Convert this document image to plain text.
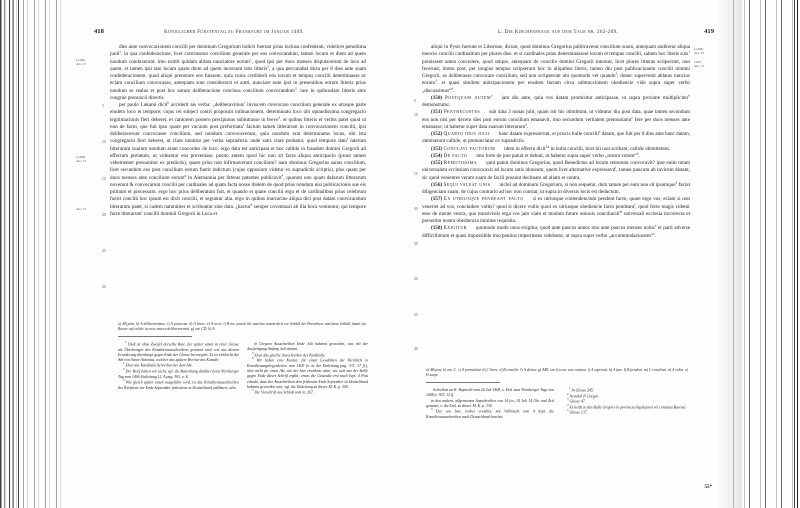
418	Königlicher Fürstentag zu Frankfurt im Januar 1409.
(1409)
Jan. 15
(1409)
Jan. 15
Jan. 15
5
10
15
20
25
30

dies ante convocacionem concilii per dominum Gregorium indicti fuerunt prius inclusa confederati, videlicet penultima junii$^a$. in qua confederacione, licet conclusetur concilium generale per eos convocandum, tamen locum et diem ad quem nondum conduxerunt. imo extitit quidam ablata nunciatore eorum$^1$, quod ipsi per duos menses disputaverunt de loco ad quem. et tamen ipsi tam locum quam diem ad quem incersunt istis litteris$^2$, a qua percunabat dicta per 8 dies ante suam confederacionem. quod aliqui prenotare eos fuissent. quia cuius crediderit eos locum et tempus concilii determinasse ac eciam concilium convocasse, antequam sunt consideravit et autti, nunciare eum ipsi in presentibus eorum litteris prius nondum se realus et post hoc autum deliberacione conclusa concilium convocandum$^3$. iure in quibusdam litteris ante congrue prenuncii directis

per paulo Lukanii dicit$^b$ acciderit ais verba: „deliberavimus$^c$ inviscem convocare concilium generale ex utraque parte eiudem loco et tempore; cujus rei subjeci contri proposuit intimacionem, determinato loco ubi optandissima congregacio legitimacionis fieri deberet, et cantorem postero precipimus subintrasse in breve$^d$. et quibus litteris et verbis patet quod ut non de facto, que fuit ipso quare per vacuum post preformata$^e$ factum tamen litterarum in convocacionem concilii, ipsi deliberaverunt convocasse concilium, sed nondum convocaverant, quia nondum erat determinatus locus, ubi ista congregacio fieri deberet, ut clare innuitur per verba supradicta. unde satis clare probatur, quod tempore dato$^f$ laterum litterarum suarum nondum erant concordes de loco. ergo data est anticipata et hoc callide in fraudem domini Gregorii ad effectum prelatum, ut videantur eos prevenisse. posito autem quod hic non sit facta aliqua anticipacio (prout tamen vehementer presumitur ex predictis), quare prius non infirmaverunt concilium? nam dominus Gregorius sanus concilium, licet secundum eos post concilium eorum fuerit indictum (cujus opposium videtur ex supradictis scriptis), plus quam per duos menses ante concilium eorum$^g$ in Alemannia per litteras patentes publicavit$^4$, quarum uno quam dafarum litterarum noverunt & convocarunt concilii per cardinales ad quam facta nosse ibidem de quod prius nondum nisi publicacionis sue eis primum et processum. ergo hoc prius deliberatum fuit, et quando et quare concilii ergo et de cardinalibus prius celebrum fuerit concilii hoc ipsum est dixit concilii, et seguntur alia. ergo in quibus inurracine aliqua dici post datam convocandum litterarum patet, si cadem naturaliter et scribuntur sine data. ¿hactur$^h$ semper coventuari ab illa hoca veniuntur, qui tempore facte litterarum$^i$ concilii dominii Gregorii in Luca et

a) AB petii. b) A deliberavimus. c) A prosecun. d) A breve. e) A recte. f) B ms. ponete bis nunciise autem dicit vor Schluß der Parenthese und dann Schluß, damit ein Besser auf solche in recte antecu deliberaverunt. g) om. CD. h) A

$^1$ Dieß ist ohne Zweifel derselbe Bote, der später unten in einer Glosse als Überbringer des Konzilienausschreibens genannt wird, wie aus diesem Erwiderung überhaupt gegen Ende der Glosse hervorgeht. Es ist vielleicht der Abt von Sanct-Antonius, welcher das spätere Breviar des Konzils-

$^2$ Eben das Kardinals-Schreiben bei dem Abt.

$^3$ Der Brief haben wir nicht, vgl. die Bemerkung darüber beim Nürnberger Tag vom 1406 Einleitung 12. A pag. 303, o. ß.

$^4$ Wie gleich später unten ausgeführt wird, ist das Konzilienausschreiben der Kurfürsts vor Ende September frühestens in Deutschland publiziert, also

in Gregors Ausschreiben Ende Juli bekannt geworden, was mit der Ausfertigung Anfang Juli stimmt.

$^5$ Eben das gleiche Ausschreiben der Kardinäle.

$^6$ Wir haben eine Kontra; für einen Gewählten der Kirchlich in Konzilienangelegenheiten vom 1409 (s. in der Einleitung pag. 337, 17 ff.), aber nicht für einen Akt, wie der hier erwähnte wäre, wie sich aus der Stelle gegen Ende dieser Schrift ergibt; etwas die Gesandte erst nach Sept. 4 Pius erlaubt, dass der Ausschreiben dem frühesten Ende September in Deutschland bekannt geworden sein; vgl. die Einleitung zu dieser M. K. p. 345.

$^7$ Die Vorschrift aus Schloß vom nr. 267.

419
L. Die Kirchenfrage auf dem Tage nr. 262-269.
(1409)
Jan. 15
1409
Jan. 15
5
10
15
20
25
30
35
40

aliqui in Pysis fuerunt et Libornae, dicunt, quod dominus Gregorius publicaverat concilium suum, antequam audiretur aliqua mencio concilii cardinalium per plures dies. et si cardinales prius determinassent locum et tempus concilii, saltem hoc literis suis$^1$ potuissent antea concedere, quod utique, antequam de concilio domini Gregorii innotuit, licet plures litteras scripserint, non fecerunt; immo post, per longius tempus scripserunt hoc in aliquibus literis, tamen diu post publicacionem concilii domini Gregorii, se deliberasse convocare concilium, sed non scripserunt ubi quomodo vel quando$^2$, donec supervenit ablatus nuncius eorum$^3$. et quasi similem anticipacionem per eosdem factam circa subtraccionem obediencie vide supra super verbo „discussimus“$^4$.

(150) Postquam autem$^a$ iam diu ante, quia vos datam promisitur anticipasse, ut supra proxime multipliciter$^b$ demonstratur.

(151) Penthecostes sub data 3 nonas julii, quam isti hic obmittunt, ut videatur diu post data, quae tamen secundum eos non nisi per decem dies post eorum concilium emanavit, imo secundum veritatem premuniatur$^c$ fere per duos menses ante emanasse, ut habetur super data suarum litterarum$^d$.

(152) Quarto idus julii hanc datam expresserunt, et priscis bulle concilii$^e$ datam, que fuit per 8 dies ante hanc datam, obmiserunt callide, ut prenunciatur ex supradictis.

(153) Conclavi factorum idem in effectu dicit$^{f,g}$ in bulla concilii, licet hii non scribant, callide obmittentes.

(154) De facto imo forte de jure patuit et debuit, ut habetur supra super verbo „nostra votum“$^h$.

(155) Remotissima quid patuit dominus Gregorius, quod Benedictus ad locum remotum convocavit? ipse enim totam universalem ecclesiam convocavit ad locum satis idoneum, quem licet alternative expressavit$^i$, tamen paucum ab invicem distant, sic quod venientes veram suam de facili possunt declinare ad aliam et contra.

(156) Sequi valeat unis nichil ad dominum Gregorium, si non sequetur, dum tamen per eum non sit ipsumque$^k$ faciat diligenciam suam, de cujus contrario ad hoc non constat, ut supra in diversis locis est deductum.

(157) Ex utriusque pendeant facto si ex utriusque contendencium pendent facto, quare ergo vos, eciam si non veneriet ad vos, concludere vultis? quod si dicere vultis quod ex utriusque obediencie facto pendeant$^l$, quod forte magis videtur esse de mente vestra, quo transivistis erga vos jam viam et modum future unionis conciliaciti$^m$ universali ecclesia incorrecta et presertim nostra obediencia minime requisita.

(158) Exigitur quomodo modo unus exigitur, quod ante paucos annos imo ante paucos menses nobis$^n$ et parti adverse difficillimum et quasi impossibile imo penitus impertinens videbatur, ut supra super verbo „accommodacionem“$^o$.

a) AB post. b) om. C. c) A promittitur. d) C litere. e) B concilio. f) A dicitur. g) ABC om. h) corr. aus vestrum. i) A expressit. k) A ipse. l) B pendeat. m) C conciliati. n) A vobis. o) D saepe.

Schreiben an K. Ruprecht vom 26 Juli 1408, s. Einl. zum Nürnberger Tage von 1408 p. 303, 12 ff.

in den andern, allgemeinen Ausschreiben von 14 (es, 14 Juli 14 Uhr und Zeit genannt, s. die Einl. zu dieser M. K. p. 330.

$^5$ Der, wie bzw. vorher erwähnt, mit Vollmacht vom 4 Sept. die Konzilienausschreiben nach Deutschland brachte.

$^1$ In Glosse 245.

$^2$ Nemlich P. Gregor.

$^3$ Glosse 47.

$^4$ Es heißt in den Bulle Gregors in provincia Aquilejensi vel comitatu Barensi.

$^5$ Glosse 137.

55*
